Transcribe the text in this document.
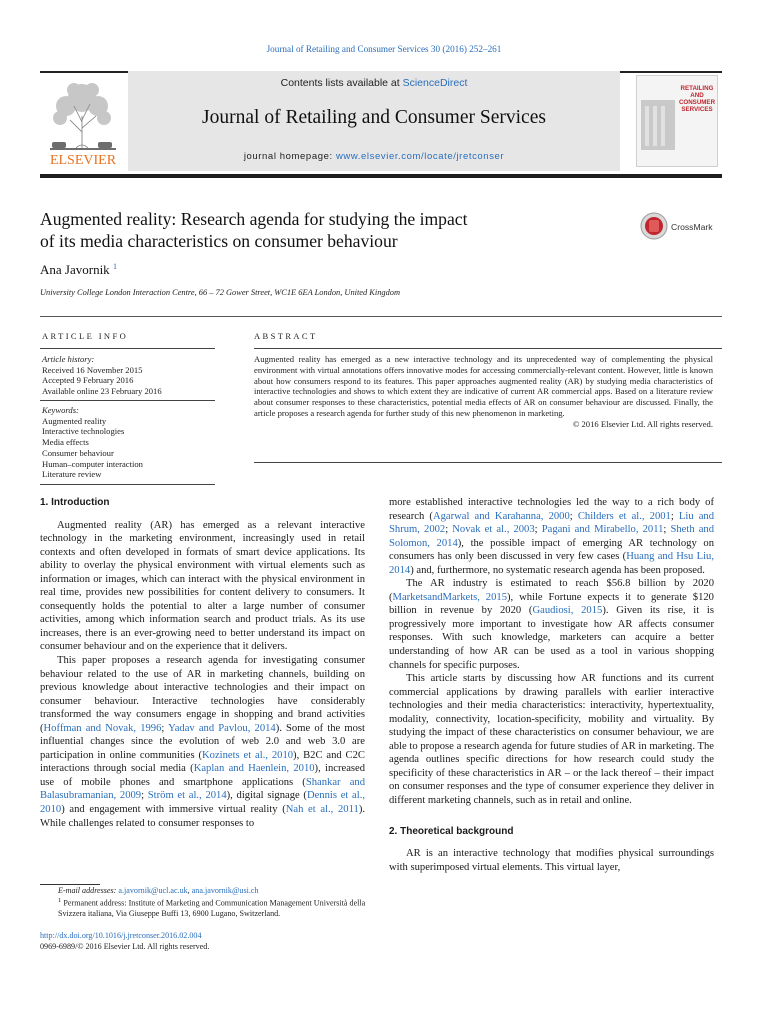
Journal of Retailing and Consumer Services 30 (2016) 252–261
ELSEVIER
Contents lists available at ScienceDirect
Journal of Retailing and Consumer Services
journal homepage: www.elsevier.com/locate/jretconser
RETAILING
AND
CONSUMER
SERVICES
Augmented reality: Research agenda for studying the impact
of its media characteristics on consumer behaviour
CrossMark
Ana Javornik $^1$
University College London Interaction Centre, 66 – 72 Gower Street, WC1E 6EA London, United Kingdom
ARTICLE INFO
Article history:
Received 16 November 2015
Accepted 9 February 2016
Available online 23 February 2016
Keywords:
Augmented reality
Interactive technologies
Media effects
Consumer behaviour
Human–computer interaction
Literature review
ABSTRACT
Augmented reality has emerged as a new interactive technology and its unprecedented way of complementing the physical environment with virtual annotations offers innovative modes for accessing commercially-relevant content. However, little is known about how consumers respond to its features. This paper approaches augmented reality (AR) by studying media characteristics of interactive technologies and shows to which extent they are indicative of current AR commercial apps. Based on a literature review about consumer responses to these characteristics, potential media effects of AR on consumer behaviour are discussed. Finally, the article proposes a research agenda for further study of this new phenomenon in marketing.
© 2016 Elsevier Ltd. All rights reserved.

1. Introduction

Augmented reality (AR) has emerged as a relevant interactive technology in the marketing environment, increasingly used in retail contexts and often developed in formats of smart device applications. Its ability to overlay the physical environment with virtual elements such as information or images, which can interact with the physical environment in real time, provides new possibilities for content delivery to consumers. It consequently holds the potential to alter a large number of consumer activities, among which information search and product trials. As its use increases, there is an ever-growing need to better understand its impact on consumer behaviour and on the experience that it delivers.

This paper proposes a research agenda for investigating consumer behaviour related to the use of AR in marketing channels, building on previous knowledge about interactive technologies and their impact on consumer behaviour. Interactive technologies have considerably transformed the way consumers engage in shopping and brand activities (Hoffman and Novak, 1996; Yadav and Pavlou, 2014). Some of the most influential changes since the evolution of web 2.0 and web 3.0 are participation in online communities (Kozinets et al., 2010), B2C and C2C interactions through social media (Kaplan and Haenlein, 2010), increased use of mobile phones and smartphone applications (Shankar and Balasubramanian, 2009; Ström et al., 2014), digital signage (Dennis et al., 2010) and engagement with immersive virtual reality (Nah et al., 2011). While challenges related to consumer responses to

E-mail addresses: a.javornik@ucl.ac.uk, ana.javornik@usi.ch
$^1$ Permanent address: Institute of Marketing and Communication Management Università della Svizzera italiana, Via Giuseppe Buffi 13, 6900 Lugano, Switzerland.
http://dx.doi.org/10.1016/j.jretconser.2016.02.004
0969-6989/© 2016 Elsevier Ltd. All rights reserved.

more established interactive technologies led the way to a rich body of research (Agarwal and Karahanna, 2000; Childers et al., 2001; Liu and Shrum, 2002; Novak et al., 2003; Pagani and Mirabello, 2011; Sheth and Solomon, 2014), the possible impact of emerging AR technology on consumers has only been discussed in very few cases (Huang and Hsu Liu, 2014) and, furthermore, no systematic research agenda has been proposed.

The AR industry is estimated to reach $56.8 billion by 2020 (MarketsandMarkets, 2015), while Fortune expects it to generate $120 billion in revenue by 2020 (Gaudiosi, 2015). Given its rise, it is progressively more important to investigate how AR affects consumer responses. With such knowledge, marketers can acquire a better understanding of how AR can be used as a tool in various shopping channels for specific purposes.

This article starts by discussing how AR functions and its current commercial applications by drawing parallels with earlier interactive technologies and their media characteristics: interactivity, hypertextuality, modality, connectivity, location-specificity, mobility and virtuality. By studying the impact of these characteristics on consumer behaviour, we are able to propose a research agenda for future studies of AR in marketing. The agenda outlines specific directions for how research could study the specificity of these characteristics in AR – or the lack thereof – their impact on consumer responses and the type of consumer experience they deliver in different marketing channels, such as in retail and online.

2. Theoretical background

AR is an interactive technology that modifies physical surroundings with superimposed virtual elements. This virtual layer,
